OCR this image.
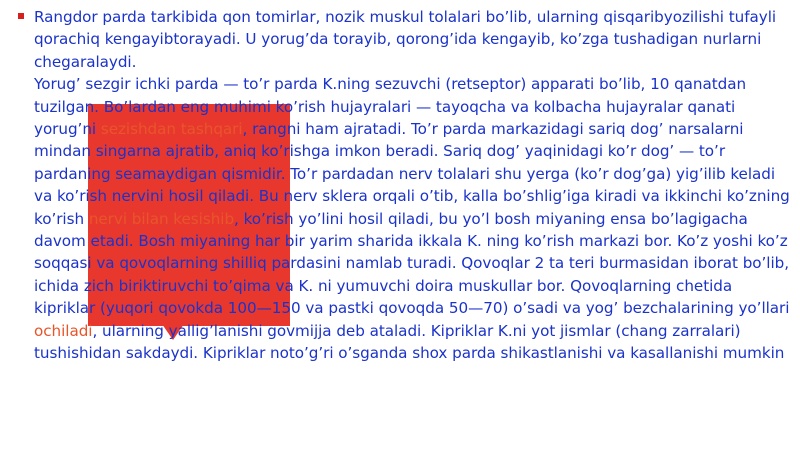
Rangdor parda tarkibida qon tomirlar, nozik muskul tolalari bo’lib, ularning qisqaribyozilishi tufayli qorachiq kengayibtorayadi. U yorug’da torayib, qorong’ida kengayib, ko’zga tushadigan nurlarni chegaralaydi.

Yorug’ sezgir ichki parda — to’r parda K.ning sezuvchi (retseptor) apparati bo’lib, 10 qanatdan tuzilgan. Bo’lardan eng muhimi ko’rish hujayralari — tayoqcha va kolbacha hujayralar qanati yorug’ni sezishdan tashqari, rangni ham ajratadi. To’r parda markazidagi sariq dog’ narsalarni mindan singarna ajratib, aniq ko’rishga imkon beradi. Sariq dog’ yaqinidagi ko’r dog’ — to’r pardaning seamaydigan qismidir. To’r pardadan nerv tolalari shu yerga (ko’r dog’ga) yig’ilib keladi va ko’rish nervini hosil qiladi. Bu nerv sklera orqali o’tib, kalla bo’shlig’iga kiradi va ikkinchi ko’zning ko’rish nervi bilan kesishib, ko’rish yo’lini hosil qiladi, bu yo’l bosh miyaning ensa bo’lagigacha davom etadi. Bosh miyaning har bir yarim sharida ikkala K. ning ko’rish markazi bor. Ko’z yoshi ko’z soqqasi va qovoqlarning shilliq pardasini namlab turadi. Qovoqlar 2 ta teri burmasidan iborat bo’lib, ichida zich biriktiruvchi to’qima va K. ni yumuvchi doira muskullar bor. Qovoqlarning chetida kipriklar (yuqori qovokda 100—150 va pastki qovoqda 50—70) o’sadi va yog’ bezchalarining yo’llari ochiladi, ularning yallig’lanishi govmijja deb ataladi. Kipriklar K.ni yot jismlar (chang zarralari) tushishidan sakdaydi. Kipriklar noto’g’ri o’sganda shox parda shikastlanishi va kasallanishi mumkin
